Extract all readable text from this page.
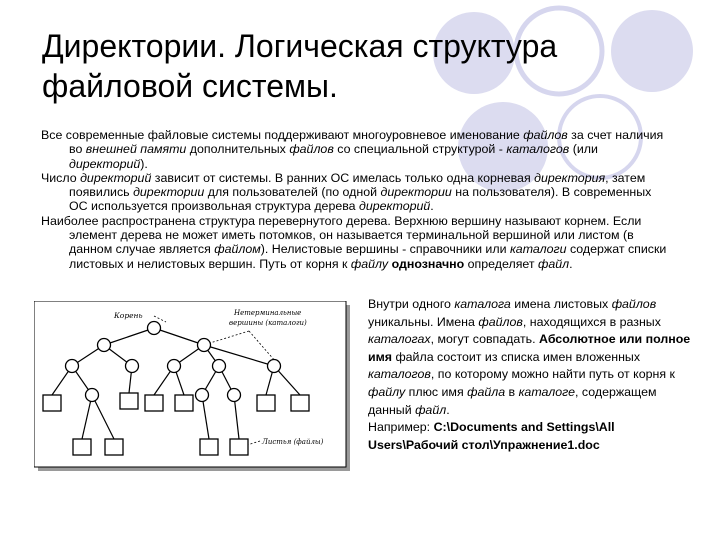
Директории. Логическая структура
файловой системы.

Все современные файловые системы поддерживают многоуровневое именование файлов за счет наличия во внешней памяти дополнительных файлов со специальной структурой - каталогов (или директорий).

Число директорий зависит от системы. В ранних ОС имелась только одна корневая директория, затем появились директории для пользователей (по одной директории на пользователя). В современных ОС используется произвольная структура дерева директорий.

Наиболее распространена структура перевернутого дерева. Верхнюю вершину называют корнем. Если элемент дерева не может иметь потомков, он называется терминальной вершиной или листом (в данном случае является файлом). Нелистовые вершины - справочники или каталоги содержат списки листовых и нелистовых вершин. Путь от корня к файлу однозначно определяет файл.

Внутри одного каталога имена листовых файлов уникальны. Имена файлов, находящихся в разных каталогах, могут совпадать. Абсолютное или полное имя файла состоит из списка имен вложенных каталогов, по которому можно найти путь от корня к файлу плюс имя файла в каталоге, содержащем данный файл.

Например: C:\Documents and Settings\All Users\Рабочий стол\Упражнение1.doc

Корень	Нетерминальные
вершины (каталоги)
Листья (файлы)
